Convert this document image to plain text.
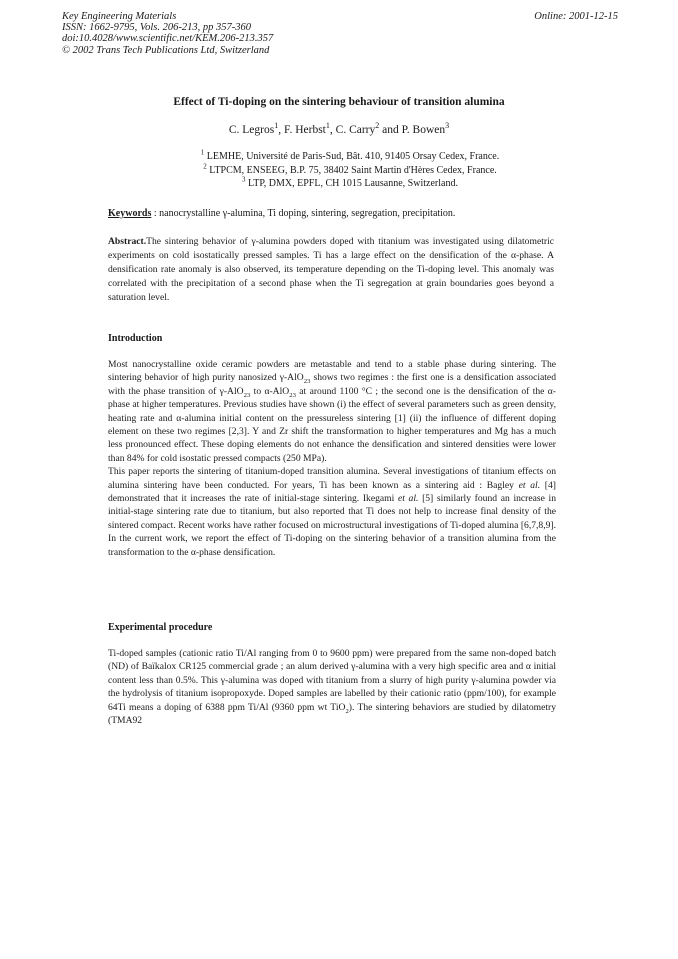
Key Engineering Materials
ISSN: 1662-9795, Vols. 206-213, pp 357-360
doi:10.4028/www.scientific.net/KEM.206-213.357
© 2002 Trans Tech Publications Ltd, Switzerland
Online: 2001-12-15
Effect of Ti-doping on the sintering behaviour of transition alumina
C. Legros$^1$, F. Herbst$^1$, C. Carry$^2$ and P. Bowen$^3$
$^1$ LEMHE, Université de Paris-Sud, Bât. 410, 91405 Orsay Cedex, France.
$^2$ LTPCM, ENSEEG, B.P. 75, 38402 Saint Martin d'Hères Cedex, France.
$^3$ LTP, DMX, EPFL, CH 1015 Lausanne, Switzerland.
Keywords : nanocrystalline γ-alumina, Ti doping, sintering, segregation, precipitation.
Abstract.The sintering behavior of γ-alumina powders doped with titanium was investigated using dilatometric experiments on cold isostatically pressed samples. Ti has a large effect on the densification of the α-phase. A densification rate anomaly is also observed, its temperature depending on the Ti-doping level. This anomaly was correlated with the precipitation of a second phase when the Ti segregation at grain boundaries goes beyond a saturation level.
Introduction

Most nanocrystalline oxide ceramic powders are metastable and tend to a stable phase during sintering. The sintering behavior of high purity nanosized γ-AlO$_{23}$ shows two regimes : the first one is a densification associated with the phase transition of γ-AlO$_{23}$ to α-AlO$_{23}$ at around 1100 °C ; the second one is the densification of the α-phase at higher temperatures. Previous studies have shown (i) the effect of several parameters such as green density, heating rate and α-alumina initial content on the pressureless sintering [1] (ii) the influence of different doping element on these two regimes [2,3]. Y and Zr shift the transformation to higher temperatures and Mg has a much less pronounced effect. These doping elements do not enhance the densification and sintered densities were lower than 84% for cold isostatic pressed compacts (250 MPa).

This paper reports the sintering of titanium-doped transition alumina. Several investigations of titanium effects on alumina sintering have been conducted. For years, Ti has been known as a sintering aid : Bagley et al. [4] demonstrated that it increases the rate of initial-stage sintering. Ikegami et al. [5] similarly found an increase in initial-stage sintering rate due to titanium, but also reported that Ti does not help to increase final density of the sintered compact. Recent works have rather focused on microstructural investigations of Ti-doped alumina [6,7,8,9]. In the current work, we report the effect of Ti-doping on the sintering behavior of a transition alumina from the transformation to the α-phase densification.

Experimental procedure

Ti-doped samples (cationic ratio Ti/Al ranging from 0 to 9600 ppm) were prepared from the same non-doped batch (ND) of Baïkalox CR125 commercial grade ; an alum derived γ-alumina with a very high specific area and α initial content less than 0.5%. This γ-alumina was doped with titanium from a slurry of high purity γ-alumina powder via the hydrolysis of titanium isopropoxyde. Doped samples are labelled by their cationic ratio (ppm/100), for example 64Ti means a doping of 6388 ppm Ti/Al (9360 ppm wt TiO$_2$). The sintering behaviors are studied by dilatometry (TMA92
